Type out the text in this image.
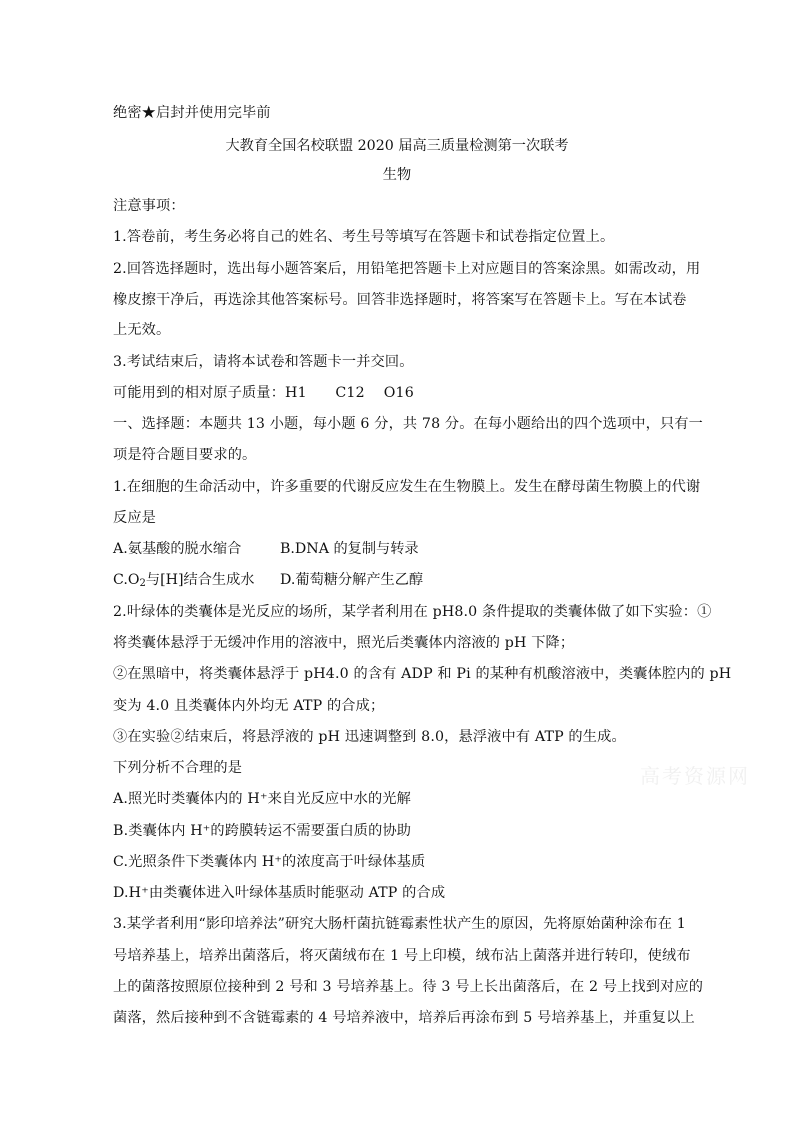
绝密★启封并使用完毕前
大教育全国名校联盟 2020 届高三质量检测第一次联考
生物
注意事项：
1.答卷前，考生务必将自己的姓名、考生号等填写在答题卡和试卷指定位置上。
2.回答选择题时，选出每小题答案后，用铅笔把答题卡上对应题目的答案涂黑。如需改动，用
橡皮擦干净后，再选涂其他答案标号。回答非选择题时，将答案写在答题卡上。写在本试卷
上无效。
3.考试结束后，请将本试卷和答题卡一并交回。
可能用到的相对原子质量：H1　　C12　 O16
一、选择题：本题共 13 小题，每小题 6 分，共 78 分。在每小题给出的四个选项中，只有一
项是符合题目要求的。
1.在细胞的生命活动中，许多重要的代谢反应发生在生物膜上。发生在酵母菌生物膜上的代谢
反应是
A.氨基酸的脱水缩合	B.DNA 的复制与转录
$C.O_2$与[H]结合生成水 D.葡萄糖分解产生乙醇
2.叶绿体的类囊体是光反应的场所，某学者利用在 pH8.0 条件提取的类囊体做了如下实验：①
将类囊体悬浮于无缓冲作用的溶液中，照光后类囊体内溶液的 pH 下降；
②在黑暗中，将类囊体悬浮于 pH4.0 的含有 ADP 和 Pi 的某种有机酸溶液中，类囊体腔内的 pH
变为 4.0 且类囊体内外均无 ATP 的合成；
③在实验②结束后，将悬浮液的 pH 迅速调整到 8.0，悬浮液中有 ATP 的生成。
下列分析不合理的是
A.照光时类囊体内的 H⁺来自光反应中水的光解
B.类囊体内 H⁺的跨膜转运不需要蛋白质的协助
C.光照条件下类囊体内 H⁺的浓度高于叶绿体基质
D.H⁺由类囊体进入叶绿体基质时能驱动 ATP 的合成
3.某学者利用“影印培养法”研究大肠杆菌抗链霉素性状产生的原因，先将原始菌种涂布在 1
号培养基上，培养出菌落后，将灭菌绒布在 1 号上印模，绒布沾上菌落并进行转印，使绒布
上的菌落按照原位接种到 2 号和 3 号培养基上。待 3 号上长出菌落后，在 2 号上找到对应的
菌落，然后接种到不含链霉素的 4 号培养液中，培养后再涂布到 5 号培养基上，并重复以上
高考资源网
